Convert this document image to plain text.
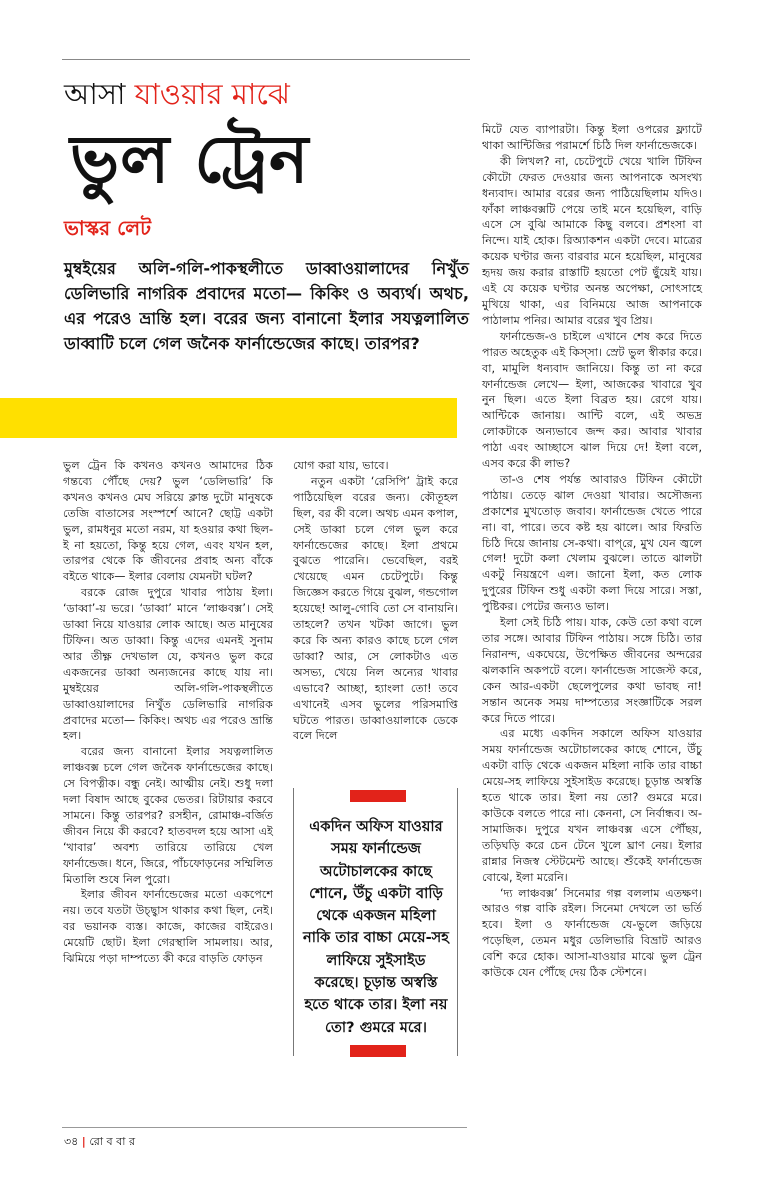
আসা যাওয়ার মাঝে
ভুল ট্রেন
ভাস্কর লেট
মুম্বইয়ের অলি-গলি-পাকস্থলীতে ডাব্বাওয়ালাদের নিখুঁত ডেলিভারি নাগরিক প্রবাদের মতো— কিকিং ও অব্যর্থ। অথচ, এর পরেও ভ্রান্তি হল। বরের জন্য বানানো ইলার সযত্নলালিত ডাব্বাটি চলে গেল জনৈক ফার্নান্ডেজের কাছে। তারপর?

ভুল ট্রেন কি কখনও কখনও আমাদের ঠিক গন্তব্যে পৌঁছে দেয়? ভুল ‘ডেলিভারি’ কি কখনও কখনও মেঘ সরিয়ে ক্লান্ত দুটো মানুষকে তেজি বাতাসের সংস্পর্শে আনে? ছোট্ট একটা ভুল, রামধনুর মতো নরম, যা হওয়ার কথা ছিল-ই না হয়তো, কিন্তু হয়ে গেল, এবং যখন হল, তারপর থেকে কি জীবনের প্রবাহ অন্য বাঁকে বইতে থাকে— ইলার বেলায় যেমনটা ঘটল?

বরকে রোজ দুপুরে খাবার পাঠায় ইলা। ‘ডাব্বা’-য় ভরে। ‘ডাব্বা’ মানে ‘লাঞ্চবক্স’। সেই ডাব্বা নিয়ে যাওয়ার লোক আছে। অত মানুষের টিফিন। অত ডাব্বা। কিন্তু এদের এমনই সুনাম আর তীক্ষ্ণ দেখভাল যে, কখনও ভুল করে একজনের ডাব্বা অন্যজনের কাছে যায় না। মুম্বইয়ের অলি-গলি-পাকস্থলীতে ডাব্বাওয়ালাদের নিখুঁত ডেলিভারি নাগরিক প্রবাদের মতো— কিকিং। অথচ এর পরেও ভ্রান্তি হল।

বরের জন্য বানানো ইলার সযত্নলালিত লাঞ্চবক্স চলে গেল জনৈক ফার্নান্ডেজের কাছে। সে বিপত্নীক। বন্ধু নেই। আত্মীয় নেই। শুধু দলা দলা বিষাদ আছে বুকের ভেতর। রিটায়ার করবে সামনে। কিন্তু তারপর? রসহীন, রোমাঞ্চ-বর্জিত জীবন নিয়ে কী করবে? হাতবদল হয়ে আসা এই ‘খাবার’ অবশ্য তারিয়ে তারিয়ে খেল ফার্নান্ডেজ। ধনে, জিরে, পাঁচফোড়নের সম্মিলিত মিতালি শুষে নিল পুরো।

ইলার জীবন ফার্নান্ডেজের মতো একপেশে নয়। তবে যতটা উচ্ছ্বাস থাকার কথা ছিল, নেই। বর ভয়ানক ব্যস্ত। কাজে, কাজের বাইরেও। মেয়েটি ছোট। ইলা গেরস্থালি সামলায়। আর, ঝিমিয়ে পড়া দাম্পত্যে কী করে বাড়তি ফোড়ন

যোগ করা যায়, ভাবে।

নতুন একটা ‘রেসিপি’ ট্রাই করে পাঠিয়েছিল বরের জন্য। কৌতূহল ছিল, বর কী বলে। অথচ এমন কপাল, সেই ডাব্বা চলে গেল ভুল করে ফার্নান্ডেজের কাছে। ইলা প্রথমে বুঝতে পারেনি। ভেবেছিল, বরই খেয়েছে এমন চেটেপুটে। কিন্তু জিজ্ঞেস করতে গিয়ে বুঝল, গন্ডগোল হয়েছে! আলু-গোবি তো সে বানায়নি। তাহলে? তখন খটকা জাগে। ভুল করে কি অন্য কারও কাছে চলে গেল ডাব্বা? আর, সে লোকটাও এত অসভ্য, খেয়ে নিল অন্যের খাবার এভাবে? আচ্ছা, হ্যাংলা তো! তবে এখানেই এসব ভুলের পরিসমাপ্তি ঘটতে পারত। ডাব্বাওয়ালাকে ডেকে বলে দিলে

একদিন অফিস যাওয়ার সময় ফার্নান্ডেজ অটোচালকের কাছে শোনে, উঁচু একটা বাড়ি থেকে একজন মহিলা নাকি তার বাচ্চা মেয়ে-সহ লাফিয়ে সুইসাইড করেছে। চূড়ান্ত অস্বস্তি হতে থাকে তার। ইলা নয় তো? গুমরে মরে।

মিটে যেত ব্যাপারটা। কিন্তু ইলা ওপরের ফ্ল্যাটে থাকা আন্টিজির পরামর্শে চিঠি দিল ফার্নান্ডেজকে।

কী লিখল? না, চেটেপুটে খেয়ে খালি টিফিন কৌটো ফেরত দেওয়ার জন্য আপনাকে অসংখ্য ধন্যবাদ। আমার বরের জন্য পাঠিয়েছিলাম যদিও। ফাঁকা লাঞ্চবক্সটি পেয়ে তাই মনে হয়েছিল, বাড়ি এসে সে বুঝি আমাকে কিছু বলবে। প্রশংসা বা নিন্দে। যাই হোক। রিঅ্যাকশন একটা দেবে। মাত্রের কয়েক ঘণ্টার জন্য বারবার মনে হয়েছিল, মানুষের হৃদয় জয় করার রাস্তাটি হয়তো পেট ছুঁয়েই যায়। এই যে কয়েক ঘণ্টার অনন্ত অপেক্ষা, সোৎসাহে মুখিয়ে থাকা, এর বিনিময়ে আজ আপনাকে পাঠালাম পনির। আমার বরের খুব প্রিয়।

ফার্নান্ডেজ-ও চাইলে এখানে শেষ করে দিতে পারত অহেতুক এই কিস্সা। স্রেট ভুল স্বীকার করে। বা, মামুলি ধন্যবাদ জানিয়ে। কিন্তু তা না করে ফার্নান্ডেজ লেখে— ইলা, আজকের খাবারে খুব নুন ছিল। এতে ইলা বিব্রত হয়। রেগে যায়। আন্টিকে জানায়। আন্টি বলে, এই অভদ্র লোকটাকে অন্যভাবে জন্দ কর। আবার খাবার পাঠা এবং আচ্ছাসে ঝাল দিয়ে দে! ইলা বলে, এসব করে কী লাভ?

তা-ও শেষ পর্যন্ত আবারও টিফিন কৌটো পাঠায়। তেড়ে ঝাল দেওয়া খাবার। অসৌজন্য প্রকাশের মুখতোড় জবাব। ফার্নান্ডেজ খেতে পারে না। বা, পারে। তবে কষ্ট হয় ঝালে। আর ফিরতি চিঠি দিয়ে জানায় সে-কথা। বাপ্‌রে, মুখ যেন জ্বলে গেল! দুটো কলা খেলাম বুঝলে। তাতে ঝালটা একটু নিয়ন্ত্রণে এল। জানো ইলা, কত লোক দুপুরের টিফিন শুধু একটা কলা দিয়ে সারে। সস্তা, পুষ্টিকর। পেটের জন্যও ভাল।

ইলা সেই চিঠি পায়। যাক, কেউ তো কথা বলে তার সঙ্গে। আবার টিফিন পাঠায়। সঙ্গে চিঠি। তার নিরানন্দ, একঘেয়ে, উপেক্ষিত জীবনের অন্দরের ঝলকানি অকপটে বলে। ফার্নান্ডেজ সাজেস্ট করে, কেন আর-একটা ছেলেপুলের কথা ভাবছ না! সন্তান অনেক সময় দাম্পত্যের সংজ্ঞাটিকে সরল করে দিতে পারে।

এর মধ্যে একদিন সকালে অফিস যাওয়ার সময় ফার্নান্ডেজ অটোচালকের কাছে শোনে, উঁচু একটা বাড়ি থেকে একজন মহিলা নাকি তার বাচ্চা মেয়ে-সহ লাফিয়ে সুইসাইড করেছে। চূড়ান্ত অস্বস্তি হতে থাকে তার। ইলা নয় তো? গুমরে মরে। কাউকে বলতে পারে না। কেননা, সে নির্বান্ধব। অ-সামাজিক। দুপুরে যখন লাঞ্চবক্স এসে পৌঁছয়, তড়িঘড়ি করে চেন টেনে খুলে ঘ্রাণ নেয়। ইলার রান্নার নিজস্ব স্টেটমেন্ট আছে। শুঁকেই ফার্নান্ডেজ বোঝে, ইলা মরেনি।

‘দ্য লাঞ্চবক্স’ সিনেমার গল্প বললাম এতক্ষণ। আরও গল্প বাকি রইল। সিনেমা দেখলে তা ভর্তি হবে। ইলা ও ফার্নান্ডেজ যে-ভুলে জড়িয়ে পড়েছিল, তেমন মধুর ডেলিভারি বিভ্রাট আরও বেশি করে হোক। আসা-যাওয়ার মাঝে ভুল ট্রেন কাউকে যেন পৌঁছে দেয় ঠিক স্টেশনে।

৩৪ | রো ব বা র
